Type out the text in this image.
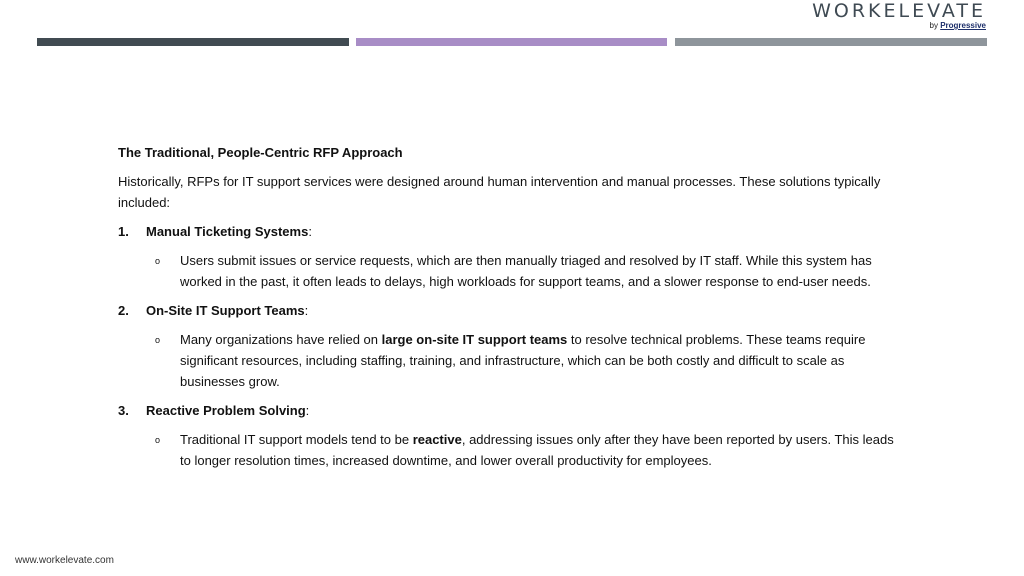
WORKELEVATE
by Progressive
The Traditional, People-Centric RFP Approach
Historically, RFPs for IT support services were designed around human intervention and manual processes. These solutions typically included:
1.	Manual Ticketing Systems:
o	Users submit issues or service requests, which are then manually triaged and resolved by IT staff. While this system has worked in the past, it often leads to delays, high workloads for support teams, and a slower response to end-user needs.
2.	On-Site IT Support Teams:
o	Many organizations have relied on large on-site IT support teams to resolve technical problems. These teams require significant resources, including staffing, training, and infrastructure, which can be both costly and difficult to scale as businesses grow.
3.	Reactive Problem Solving:
o	Traditional IT support models tend to be reactive, addressing issues only after they have been reported by users. This leads to longer resolution times, increased downtime, and lower overall productivity for employees.
www.workelevate.com
